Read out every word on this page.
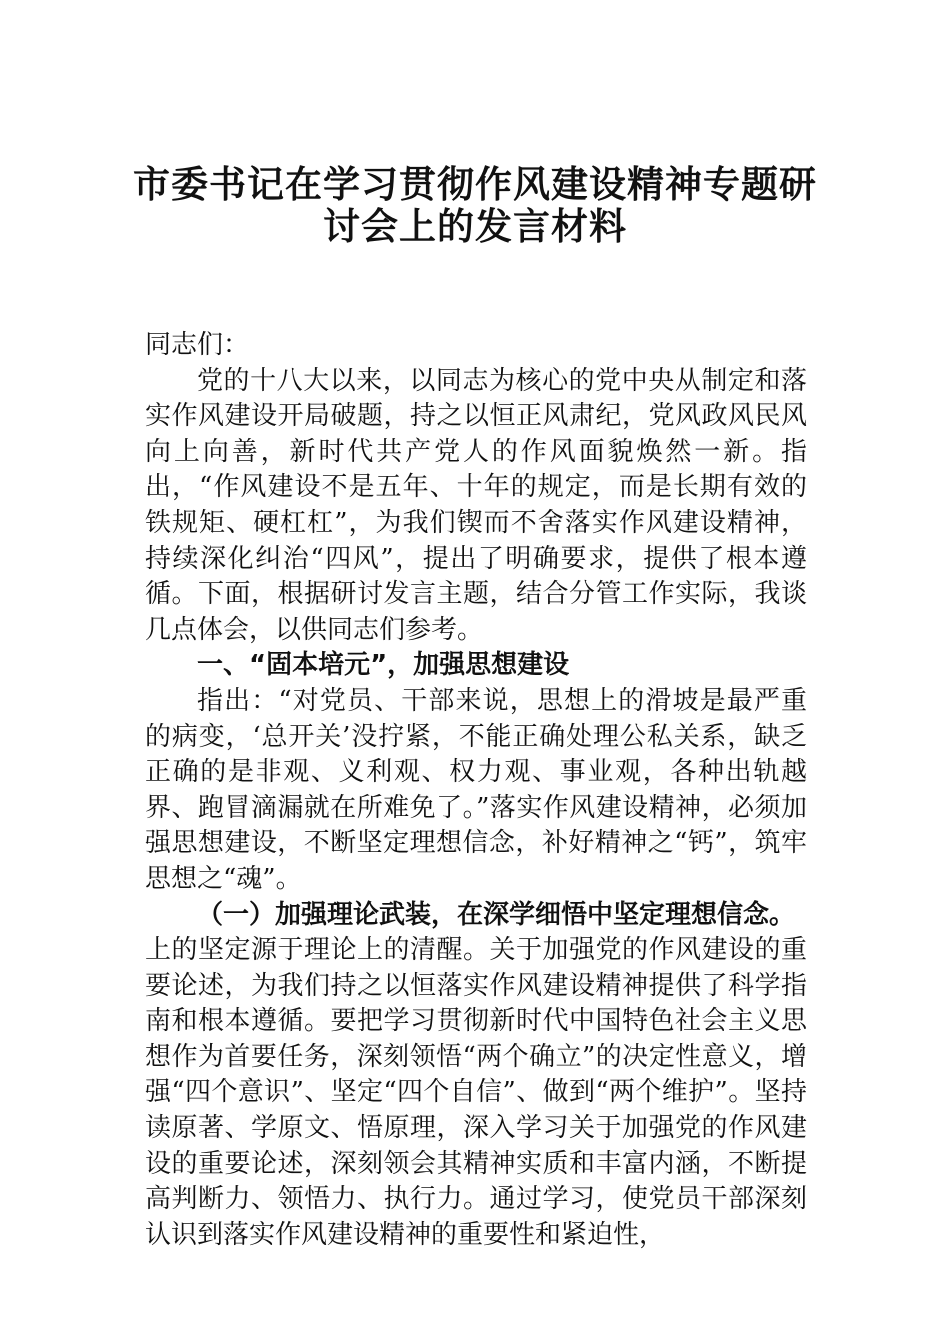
市委书记在学习贯彻作风建设精神专题研
讨会上的发言材料

同志们：

党的十八大以来，以同志为核心的党中央从制定和落实作风建设开局破题，持之以恒正风肃纪，党风政风民风向上向善，新时代共产党人的作风面貌焕然一新。指出，“作风建设不是五年、十年的规定，而是长期有效的铁规矩、硬杠杠”，为我们锲而不舍落实作风建设精神，持续深化纠治“四风”，提出了明确要求，提供了根本遵循。下面，根据研讨发言主题，结合分管工作实际，我谈几点体会，以供同志们参考。

一、“固本培元”，加强思想建设

指出：“对党员、干部来说，思想上的滑坡是最严重的病变，‘总开关’没拧紧，不能正确处理公私关系，缺乏正确的是非观、义利观、权力观、事业观，各种出轨越界、跑冒滴漏就在所难免了。”落实作风建设精神，必须加强思想建设，不断坚定理想信念，补好精神之“钙”，筑牢思想之“魂”。

（一）加强理论武装，在深学细悟中坚定理想信念。

上的坚定源于理论上的清醒。关于加强党的作风建设的重要论述，为我们持之以恒落实作风建设精神提供了科学指南和根本遵循。要把学习贯彻新时代中国特色社会主义思想作为首要任务，深刻领悟“两个确立”的决定性意义，增强“四个意识”、坚定“四个自信”、做到“两个维护”。坚持读原著、学原文、悟原理，深入学习关于加强党的作风建设的重要论述，深刻领会其精神实质和丰富内涵，不断提高判断力、领悟力、执行力。通过学习，使党员干部深刻认识到落实作风建设精神的重要性和紧迫性，
